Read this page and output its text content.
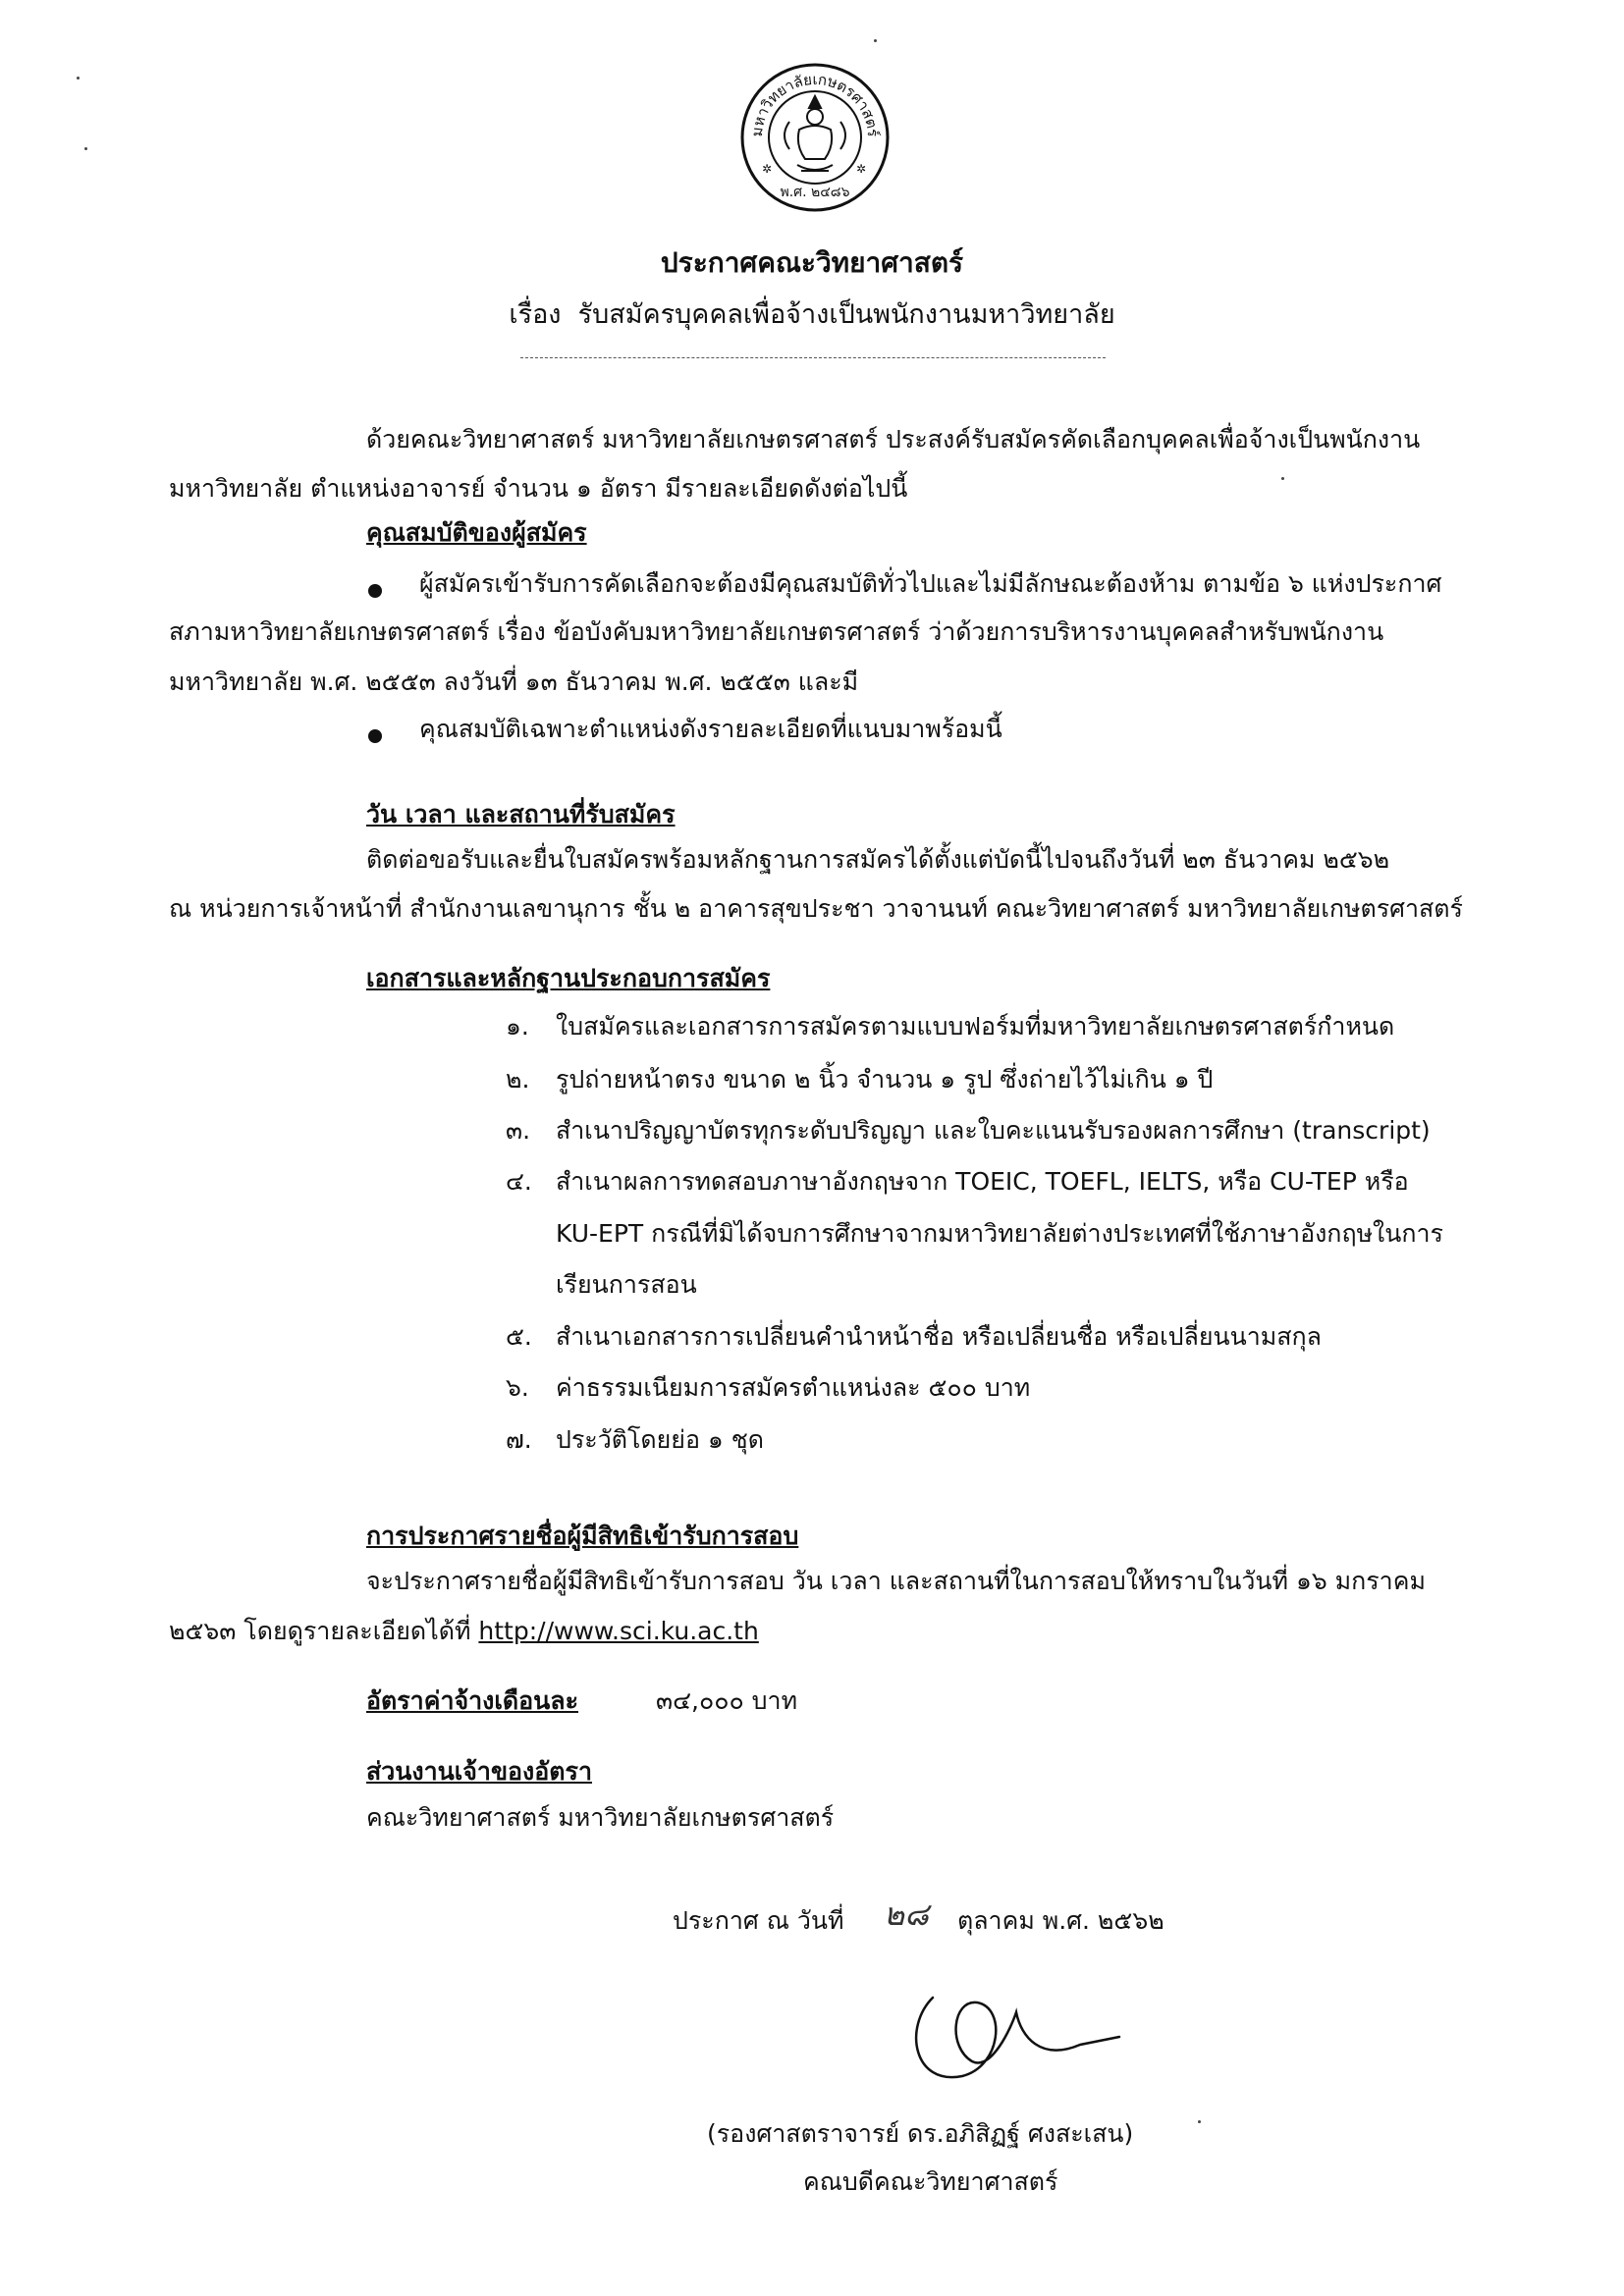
มหาวิทยาลัยเกษตรศาสตร์
พ.ศ. ๒๔๘๖
✲	✲
ประกาศคณะวิทยาศาสตร์
เรื่อง รับสมัครบุคคลเพื่อจ้างเป็นพนักงานมหาวิทยาลัย
ด้วยคณะวิทยาศาสตร์ มหาวิทยาลัยเกษตรศาสตร์ ประสงค์รับสมัครคัดเลือกบุคคลเพื่อจ้างเป็นพนักงาน
มหาวิทยาลัย ตำแหน่งอาจารย์ จำนวน ๑ อัตรา มีรายละเอียดดังต่อไปนี้
คุณสมบัติของผู้สมัคร
ผู้สมัครเข้ารับการคัดเลือกจะต้องมีคุณสมบัติทั่วไปและไม่มีลักษณะต้องห้าม ตามข้อ ๖ แห่งประกาศ
สภามหาวิทยาลัยเกษตรศาสตร์ เรื่อง ข้อบังคับมหาวิทยาลัยเกษตรศาสตร์ ว่าด้วยการบริหารงานบุคคลสำหรับพนักงาน
มหาวิทยาลัย พ.ศ. ๒๕๕๓ ลงวันที่ ๑๓ ธันวาคม พ.ศ. ๒๕๕๓ และมี
คุณสมบัติเฉพาะตำแหน่งดังรายละเอียดที่แนบมาพร้อมนี้
วัน เวลา และสถานที่รับสมัคร
ติดต่อขอรับและยื่นใบสมัครพร้อมหลักฐานการสมัครได้ตั้งแต่บัดนี้ไปจนถึงวันที่ ๒๓ ธันวาคม ๒๕๖๒
ณ หน่วยการเจ้าหน้าที่ สำนักงานเลขานุการ ชั้น ๒ อาคารสุขประชา วาจานนท์ คณะวิทยาศาสตร์ มหาวิทยาลัยเกษตรศาสตร์
เอกสารและหลักฐานประกอบการสมัคร
๑. ใบสมัครและเอกสารการสมัครตามแบบฟอร์มที่มหาวิทยาลัยเกษตรศาสตร์กำหนด
๒. รูปถ่ายหน้าตรง ขนาด ๒ นิ้ว จำนวน ๑ รูป ซึ่งถ่ายไว้ไม่เกิน ๑ ปี
๓. สำเนาปริญญาบัตรทุกระดับปริญญา และใบคะแนนรับรองผลการศึกษา (transcript)
๔. สำเนาผลการทดสอบภาษาอังกฤษจาก TOEIC, TOEFL, IELTS, หรือ CU-TEP หรือ
KU-EPT กรณีที่มิได้จบการศึกษาจากมหาวิทยาลัยต่างประเทศที่ใช้ภาษาอังกฤษในการ
เรียนการสอน
๕. สำเนาเอกสารการเปลี่ยนคำนำหน้าชื่อ หรือเปลี่ยนชื่อ หรือเปลี่ยนนามสกุล
๖. ค่าธรรมเนียมการสมัครตำแหน่งละ ๕๐๐ บาท
๗. ประวัติโดยย่อ ๑ ชุด
การประกาศรายชื่อผู้มีสิทธิเข้ารับการสอบ
จะประกาศรายชื่อผู้มีสิทธิเข้ารับการสอบ วัน เวลา และสถานที่ในการสอบให้ทราบในวันที่ ๑๖ มกราคม
๒๕๖๓ โดยดูรายละเอียดได้ที่ http://www.sci.ku.ac.th
อัตราค่าจ้างเดือนละ	๓๔,๐๐๐ บาท
ส่วนงานเจ้าของอัตรา
คณะวิทยาศาสตร์ มหาวิทยาลัยเกษตรศาสตร์
ประกาศ ณ วันที่ ๒๘ ตุลาคม พ.ศ. ๒๕๖๒
(รองศาสตราจารย์ ดร.อภิสิฏฐ์ ศงสะเสน)
คณบดีคณะวิทยาศาสตร์
